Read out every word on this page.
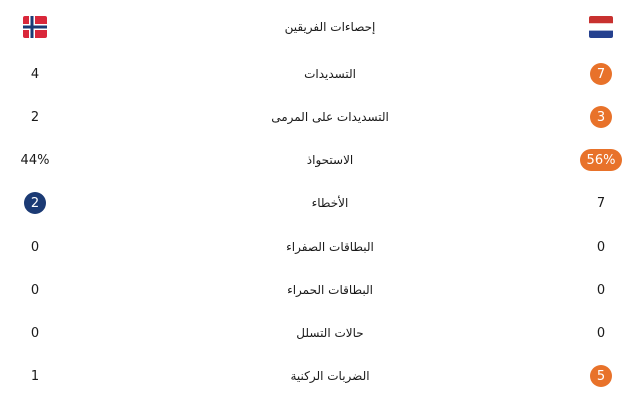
إحصاءات الفريقين
4	التسديدات	7
2	التسديدات على المرمى	3
44%	الاستحواذ	56%
2	الأخطاء	7
0	البطاقات الصفراء	0
0	البطاقات الحمراء	0
0	حالات التسلل	0
1	الضربات الركنية	5
